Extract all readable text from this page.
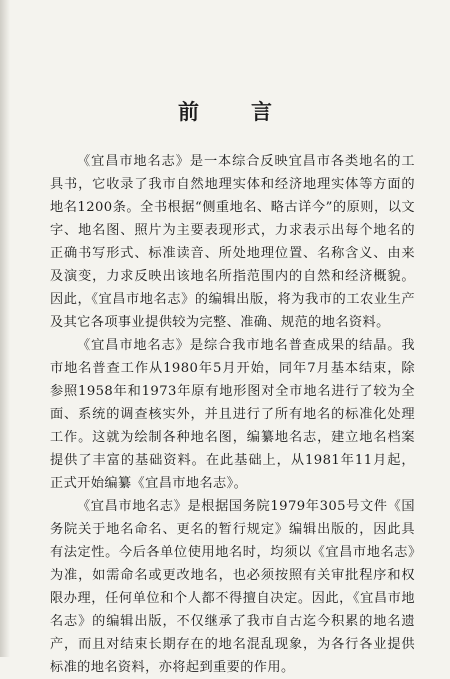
前 言

《宜昌市地名志》是一本综合反映宜昌市各类地名的工具书，它收录了我市自然地理实体和经济地理实体等方面的地名1200条。全书根据“侧重地名、略古详今”的原则，以文字、地名图、照片为主要表现形式，力求表示出每个地名的正确书写形式、标准读音、所处地理位置、名称含义、由来及演变，力求反映出该地名所指范围内的自然和经济概貌。因此，《宜昌市地名志》的编辑出版，将为我市的工农业生产及其它各项事业提供较为完整、准确、规范的地名资料。

《宜昌市地名志》是综合我市地名普查成果的结晶。我市地名普查工作从1980年5月开始，同年7月基本结束，除参照1958年和1973年原有地形图对全市地名进行了较为全面、系统的调查核实外，并且进行了所有地名的标准化处理工作。这就为绘制各种地名图，编纂地名志，建立地名档案提供了丰富的基础资料。在此基础上，从1981年11月起，正式开始编纂《宜昌市地名志》。

《宜昌市地名志》是根据国务院1979年305号文件《国务院关于地名命名、更名的暂行规定》编辑出版的，因此具有法定性。今后各单位使用地名时，均须以《宜昌市地名志》为准，如需命名或更改地名，也必须按照有关审批程序和权限办理，任何单位和个人都不得擅自决定。因此，《宜昌市地名志》的编辑出版，不仅继承了我市自古迄今积累的地名遗产，而且对结束长期存在的地名混乱现象，为各行各业提供标准的地名资料，亦将起到重要的作用。
